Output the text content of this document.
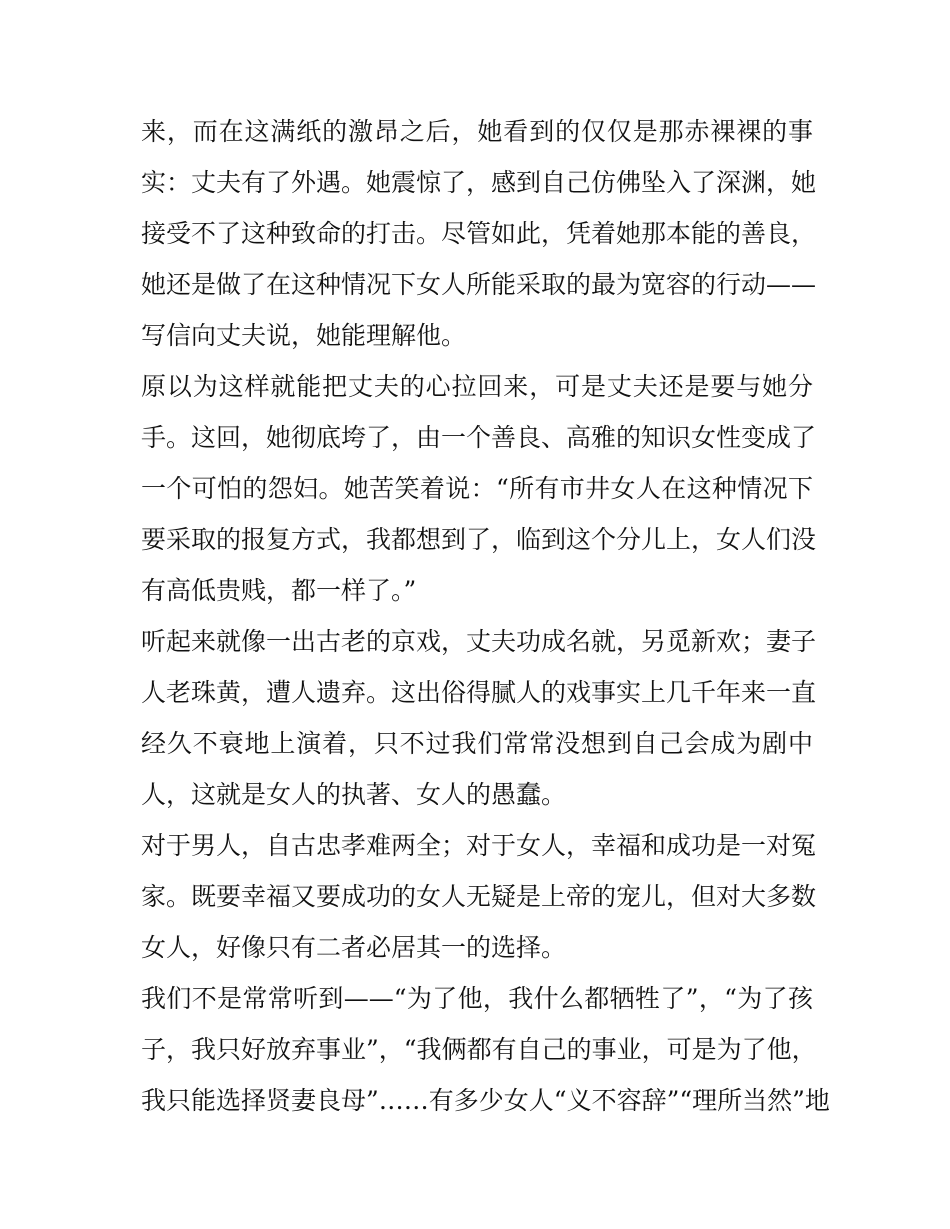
来，而在这满纸的激昂之后，她看到的仅仅是那赤裸裸的事
实：丈夫有了外遇。她震惊了，感到自己仿佛坠入了深渊，她
接受不了这种致命的打击。尽管如此，凭着她那本能的善良，
她还是做了在这种情况下女人所能采取的最为宽容的行动——
写信向丈夫说，她能理解他。
原以为这样就能把丈夫的心拉回来，可是丈夫还是要与她分
手。这回，她彻底垮了，由一个善良、高雅的知识女性变成了
一个可怕的怨妇。她苦笑着说：“所有市井女人在这种情况下
要采取的报复方式，我都想到了，临到这个分儿上，女人们没
有高低贵贱，都一样了。”
听起来就像一出古老的京戏，丈夫功成名就，另觅新欢；妻子
人老珠黄，遭人遗弃。这出俗得腻人的戏事实上几千年来一直
经久不衰地上演着，只不过我们常常没想到自己会成为剧中
人，这就是女人的执著、女人的愚蠢。
对于男人，自古忠孝难两全；对于女人，幸福和成功是一对冤
家。既要幸福又要成功的女人无疑是上帝的宠儿，但对大多数
女人，好像只有二者必居其一的选择。
我们不是常常听到——“为了他，我什么都牺牲了”，“为了孩
子，我只好放弃事业”，“我俩都有自己的事业，可是为了他，
我只能选择贤妻良母”……有多少女人“义不容辞”“理所当然”地
